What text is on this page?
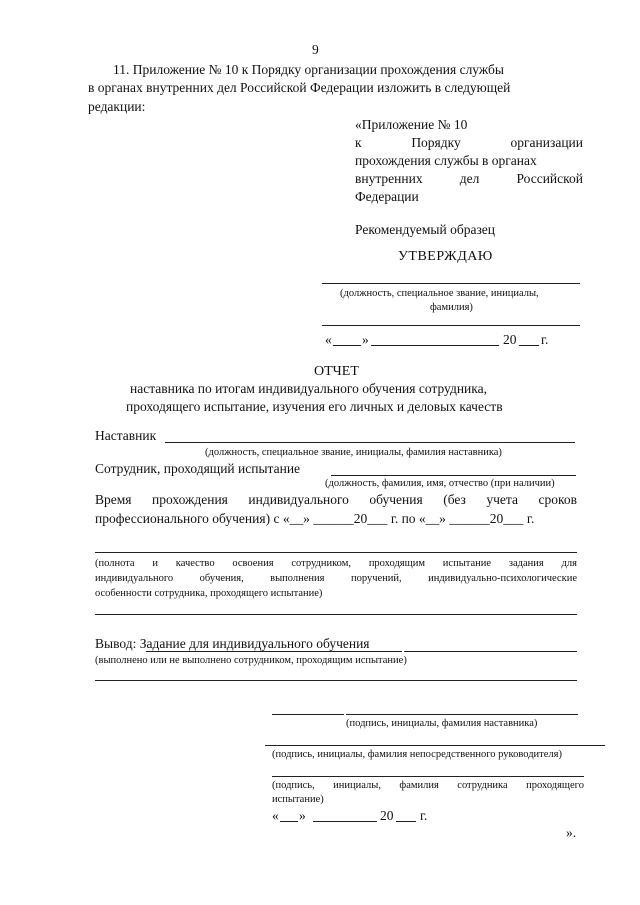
9
11. Приложение № 10 к Порядку организации прохождения службы
в органах внутренних дел Российской Федерации изложить в следующей
редакции:
«Приложение № 10
к	Порядку	организации
прохождения службы в органах
внутренних	дел	Российской
Федерации
Рекомендуемый образец
УТВЕРЖДАЮ
(должность, специальное звание, инициалы,
фамилия)
« »	20 г.
ОТЧЕТ
наставника по итогам индивидуального обучения сотрудника,
проходящего испытание, изучения его личных и деловых качеств
Наставник
(должность, специальное звание, инициалы, фамилия наставника)
Сотрудник, проходящий испытание
(должность, фамилия, имя, отчество (при наличии)
Время прохождения индивидуального обучения (без учета сроков
профессионального обучения) с «__» ______20___ г. по «__» ______20___ г.
(полнота и качество освоения сотрудником, проходящим испытание задания для
индивидуального	обучения,	выполнения	поручений,	индивидуально-психологические
особенности сотрудника, проходящего испытание)
Вывод: Задание для индивидуального обучения
(выполнено или не выполнено сотрудником, проходящим испытание)
(подпись, инициалы, фамилия наставника)
(подпись, инициалы, фамилия непосредственного руководителя)
(подпись, инициалы, фамилия сотрудника проходящего
испытание)
« »	20 г.
».
